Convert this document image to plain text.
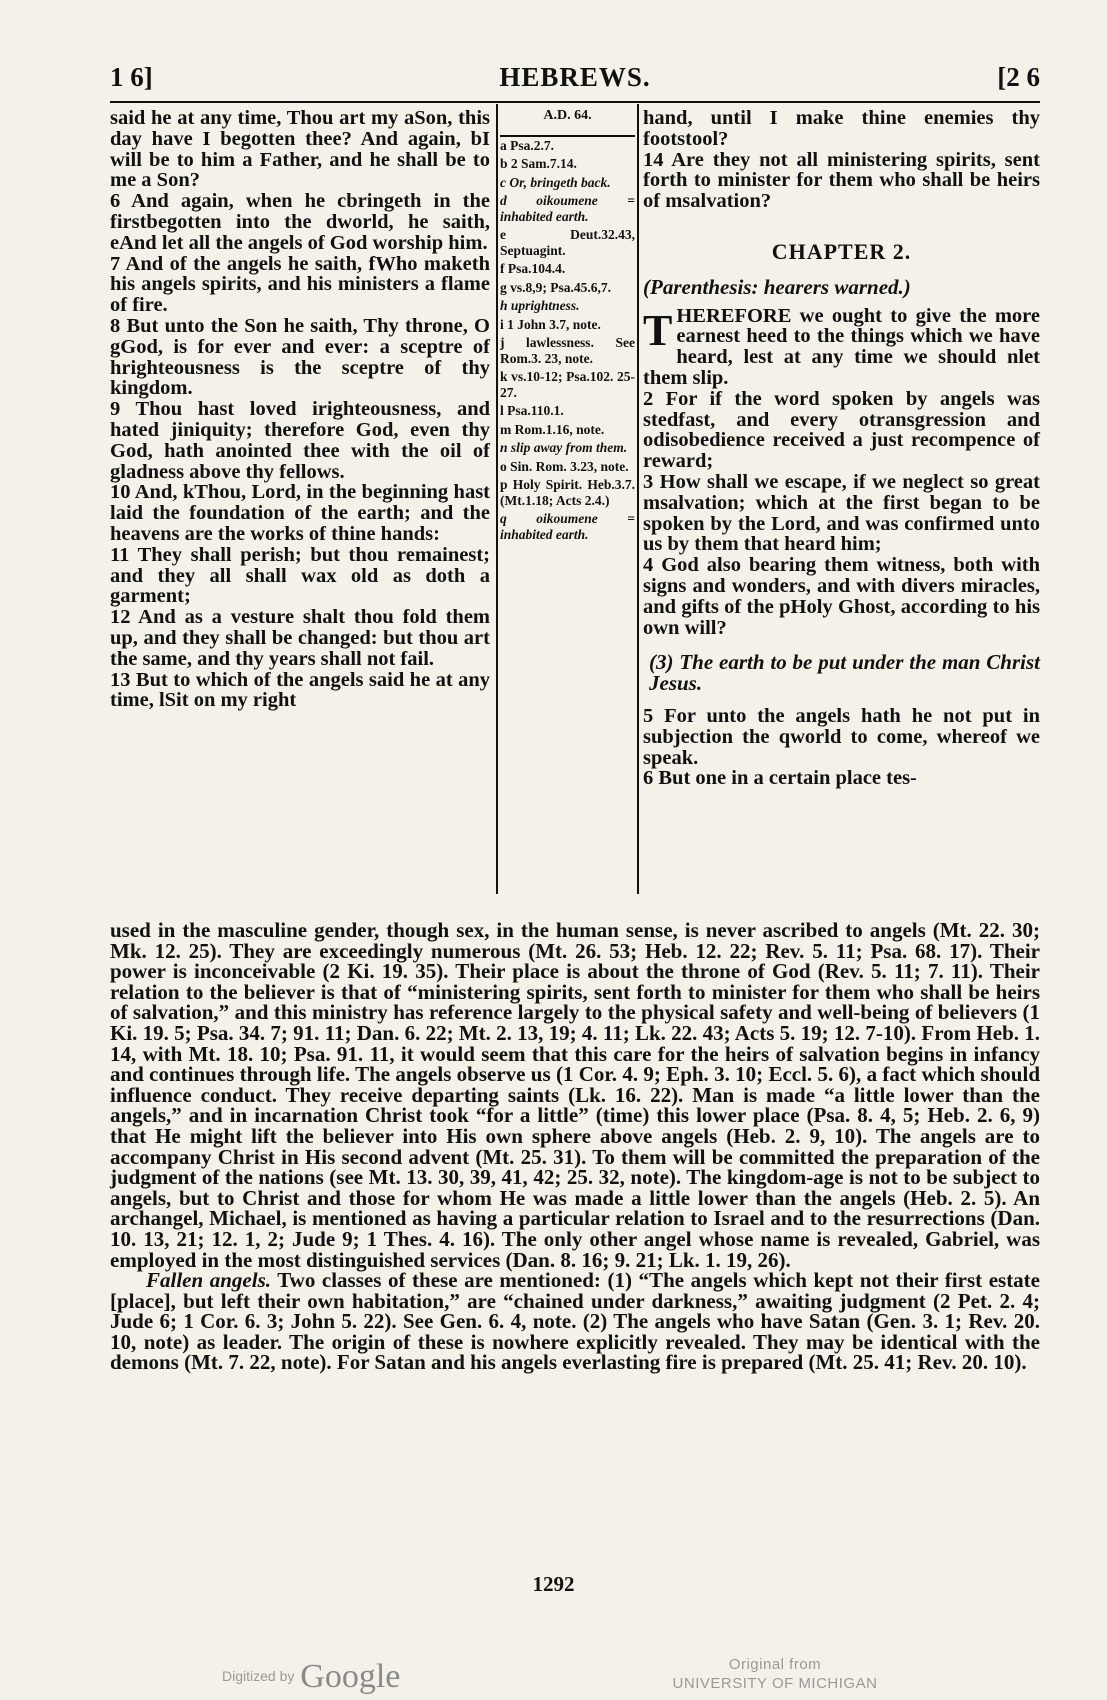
1 6]	HEBREWS.	[2 6

said he at any time, Thou art my aSon, this day have I begotten thee? And again, bI will be to him a Father, and he shall be to me a Son?

6 And again, when he cbringeth in the firstbegotten into the dworld, he saith, eAnd let all the angels of God worship him.

7 And of the angels he saith, fWho maketh his angels spirits, and his ministers a flame of fire.

8 But unto the Son he saith, Thy throne, O gGod, is for ever and ever: a sceptre of hrighteousness is the sceptre of thy kingdom.

9 Thou hast loved irighteousness, and hated jiniquity; therefore God, even thy God, hath anointed thee with the oil of gladness above thy fellows.

10 And, kThou, Lord, in the beginning hast laid the foundation of the earth; and the heavens are the works of thine hands:

11 They shall perish; but thou remainest; and they all shall wax old as doth a garment;

12 And as a vesture shalt thou fold them up, and they shall be changed: but thou art the same, and thy years shall not fail.

13 But to which of the angels said he at any time, lSit on my right

A.D. 64.

a Psa.2.7.

b 2 Sam.7.14.

c Or, bringeth back.

d oikoumene = inhabited earth.

e Deut.32.43, Septuagint.

f Psa.104.4.

g vs.8,9; Psa.45.6,7.

h uprightness.

i 1 John 3.7, note.

j lawlessness. See Rom.3. 23, note.

k vs.10-12; Psa.102. 25-27.

l Psa.110.1.

m Rom.1.16, note.

n slip away from them.

o Sin. Rom. 3.23, note.

p Holy Spirit. Heb.3.7. (Mt.1.18; Acts 2.4.)

q oikoumene = inhabited earth.

hand, until I make thine enemies thy footstool?

14 Are they not all ministering spirits, sent forth to minister for them who shall be heirs of msalvation?

CHAPTER 2.

(Parenthesis: hearers warned.)

THEREFORE we ought to give the more earnest heed to the things which we have heard, lest at any time we should nlet them slip.

2 For if the word spoken by angels was stedfast, and every otransgression and odisobedience received a just recompence of reward;

3 How shall we escape, if we neglect so great msalvation; which at the first began to be spoken by the Lord, and was confirmed unto us by them that heard him;

4 God also bearing them witness, both with signs and wonders, and with divers miracles, and gifts of the pHoly Ghost, according to his own will?

(3) The earth to be put under the man Christ Jesus.

5 For unto the angels hath he not put in subjection the qworld to come, whereof we speak.

6 But one in a certain place tes-

used in the masculine gender, though sex, in the human sense, is never ascribed to angels (Mt. 22. 30; Mk. 12. 25). They are exceedingly numerous (Mt. 26. 53; Heb. 12. 22; Rev. 5. 11; Psa. 68. 17). Their power is inconceivable (2 Ki. 19. 35). Their place is about the throne of God (Rev. 5. 11; 7. 11). Their relation to the believer is that of “ministering spirits, sent forth to minister for them who shall be heirs of salvation,” and this ministry has reference largely to the physical safety and well-being of believers (1 Ki. 19. 5; Psa. 34. 7; 91. 11; Dan. 6. 22; Mt. 2. 13, 19; 4. 11; Lk. 22. 43; Acts 5. 19; 12. 7-10). From Heb. 1. 14, with Mt. 18. 10; Psa. 91. 11, it would seem that this care for the heirs of salvation begins in infancy and continues through life. The angels observe us (1 Cor. 4. 9; Eph. 3. 10; Eccl. 5. 6), a fact which should influence conduct. They receive departing saints (Lk. 16. 22). Man is made “a little lower than the angels,” and in incarnation Christ took “for a little” (time) this lower place (Psa. 8. 4, 5; Heb. 2. 6, 9) that He might lift the believer into His own sphere above angels (Heb. 2. 9, 10). The angels are to accompany Christ in His second advent (Mt. 25. 31). To them will be committed the preparation of the judgment of the nations (see Mt. 13. 30, 39, 41, 42; 25. 32, note). The kingdom-age is not to be subject to angels, but to Christ and those for whom He was made a little lower than the angels (Heb. 2. 5). An archangel, Michael, is mentioned as having a particular relation to Israel and to the resurrections (Dan. 10. 13, 21; 12. 1, 2; Jude 9; 1 Thes. 4. 16). The only other angel whose name is revealed, Gabriel, was employed in the most distinguished services (Dan. 8. 16; 9. 21; Lk. 1. 19, 26).

Fallen angels. Two classes of these are mentioned: (1) “The angels which kept not their first estate [place], but left their own habitation,” are “chained under darkness,” awaiting judgment (2 Pet. 2. 4; Jude 6; 1 Cor. 6. 3; John 5. 22). See Gen. 6. 4, note. (2) The angels who have Satan (Gen. 3. 1; Rev. 20. 10, note) as leader. The origin of these is nowhere explicitly revealed. They may be identical with the demons (Mt. 7. 22, note). For Satan and his angels everlasting fire is prepared (Mt. 25. 41; Rev. 20. 10).

1292
Digitized by Google	Original from
UNIVERSITY OF MICHIGAN
